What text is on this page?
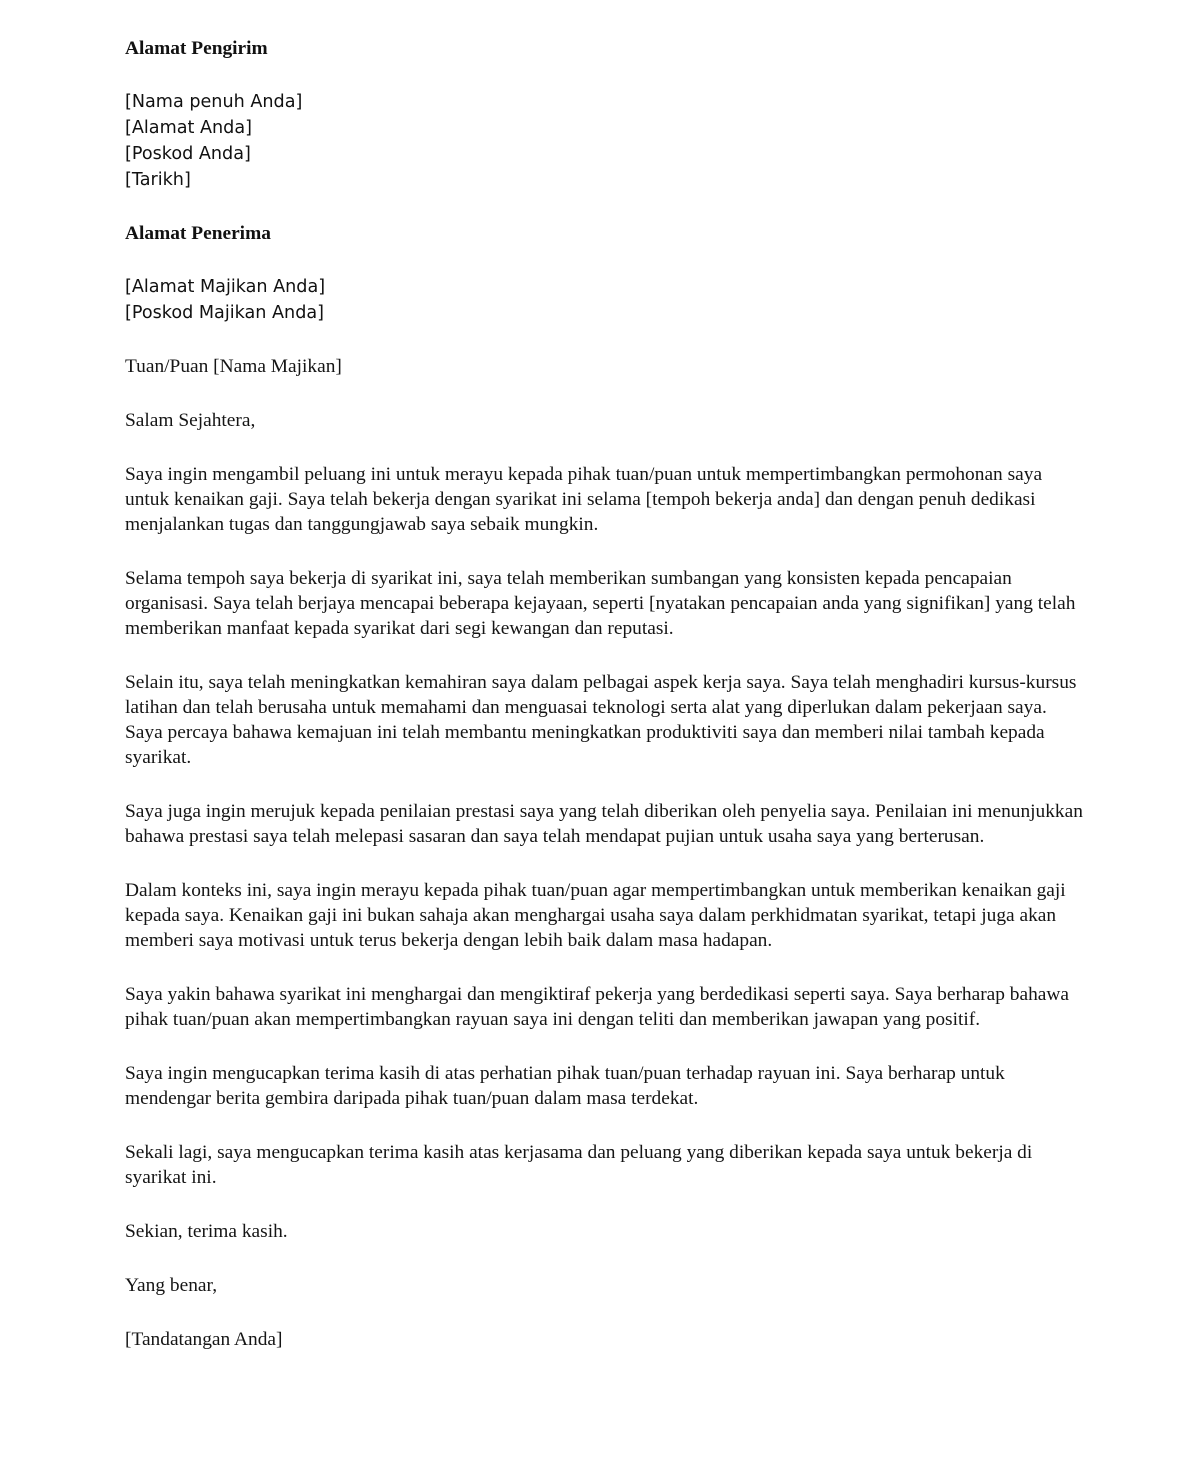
Alamat Pengirim
[Nama penuh Anda]
[Alamat Anda]
[Poskod Anda]
[Tarikh]
Alamat Penerima
[Alamat Majikan Anda]
[Poskod Majikan Anda]

Tuan/Puan [Nama Majikan]

Salam Sejahtera,

Saya ingin mengambil peluang ini untuk merayu kepada pihak tuan/puan untuk mempertimbangkan permohonan saya untuk kenaikan gaji. Saya telah bekerja dengan syarikat ini selama [tempoh bekerja anda] dan dengan penuh dedikasi menjalankan tugas dan tanggungjawab saya sebaik mungkin.

Selama tempoh saya bekerja di syarikat ini, saya telah memberikan sumbangan yang konsisten kepada pencapaian organisasi. Saya telah berjaya mencapai beberapa kejayaan, seperti [nyatakan pencapaian anda yang signifikan] yang telah memberikan manfaat kepada syarikat dari segi kewangan dan reputasi.

Selain itu, saya telah meningkatkan kemahiran saya dalam pelbagai aspek kerja saya. Saya telah menghadiri kursus-kursus latihan dan telah berusaha untuk memahami dan menguasai teknologi serta alat yang diperlukan dalam pekerjaan saya. Saya percaya bahawa kemajuan ini telah membantu meningkatkan produktiviti saya dan memberi nilai tambah kepada syarikat.

Saya juga ingin merujuk kepada penilaian prestasi saya yang telah diberikan oleh penyelia saya. Penilaian ini menunjukkan bahawa prestasi saya telah melepasi sasaran dan saya telah mendapat pujian untuk usaha saya yang berterusan.

Dalam konteks ini, saya ingin merayu kepada pihak tuan/puan agar mempertimbangkan untuk memberikan kenaikan gaji kepada saya. Kenaikan gaji ini bukan sahaja akan menghargai usaha saya dalam perkhidmatan syarikat, tetapi juga akan memberi saya motivasi untuk terus bekerja dengan lebih baik dalam masa hadapan.

Saya yakin bahawa syarikat ini menghargai dan mengiktiraf pekerja yang berdedikasi seperti saya. Saya berharap bahawa pihak tuan/puan akan mempertimbangkan rayuan saya ini dengan teliti dan memberikan jawapan yang positif.

Saya ingin mengucapkan terima kasih di atas perhatian pihak tuan/puan terhadap rayuan ini. Saya berharap untuk mendengar berita gembira daripada pihak tuan/puan dalam masa terdekat.

Sekali lagi, saya mengucapkan terima kasih atas kerjasama dan peluang yang diberikan kepada saya untuk bekerja di syarikat ini.

Sekian, terima kasih.

Yang benar,

[Tandatangan Anda]
